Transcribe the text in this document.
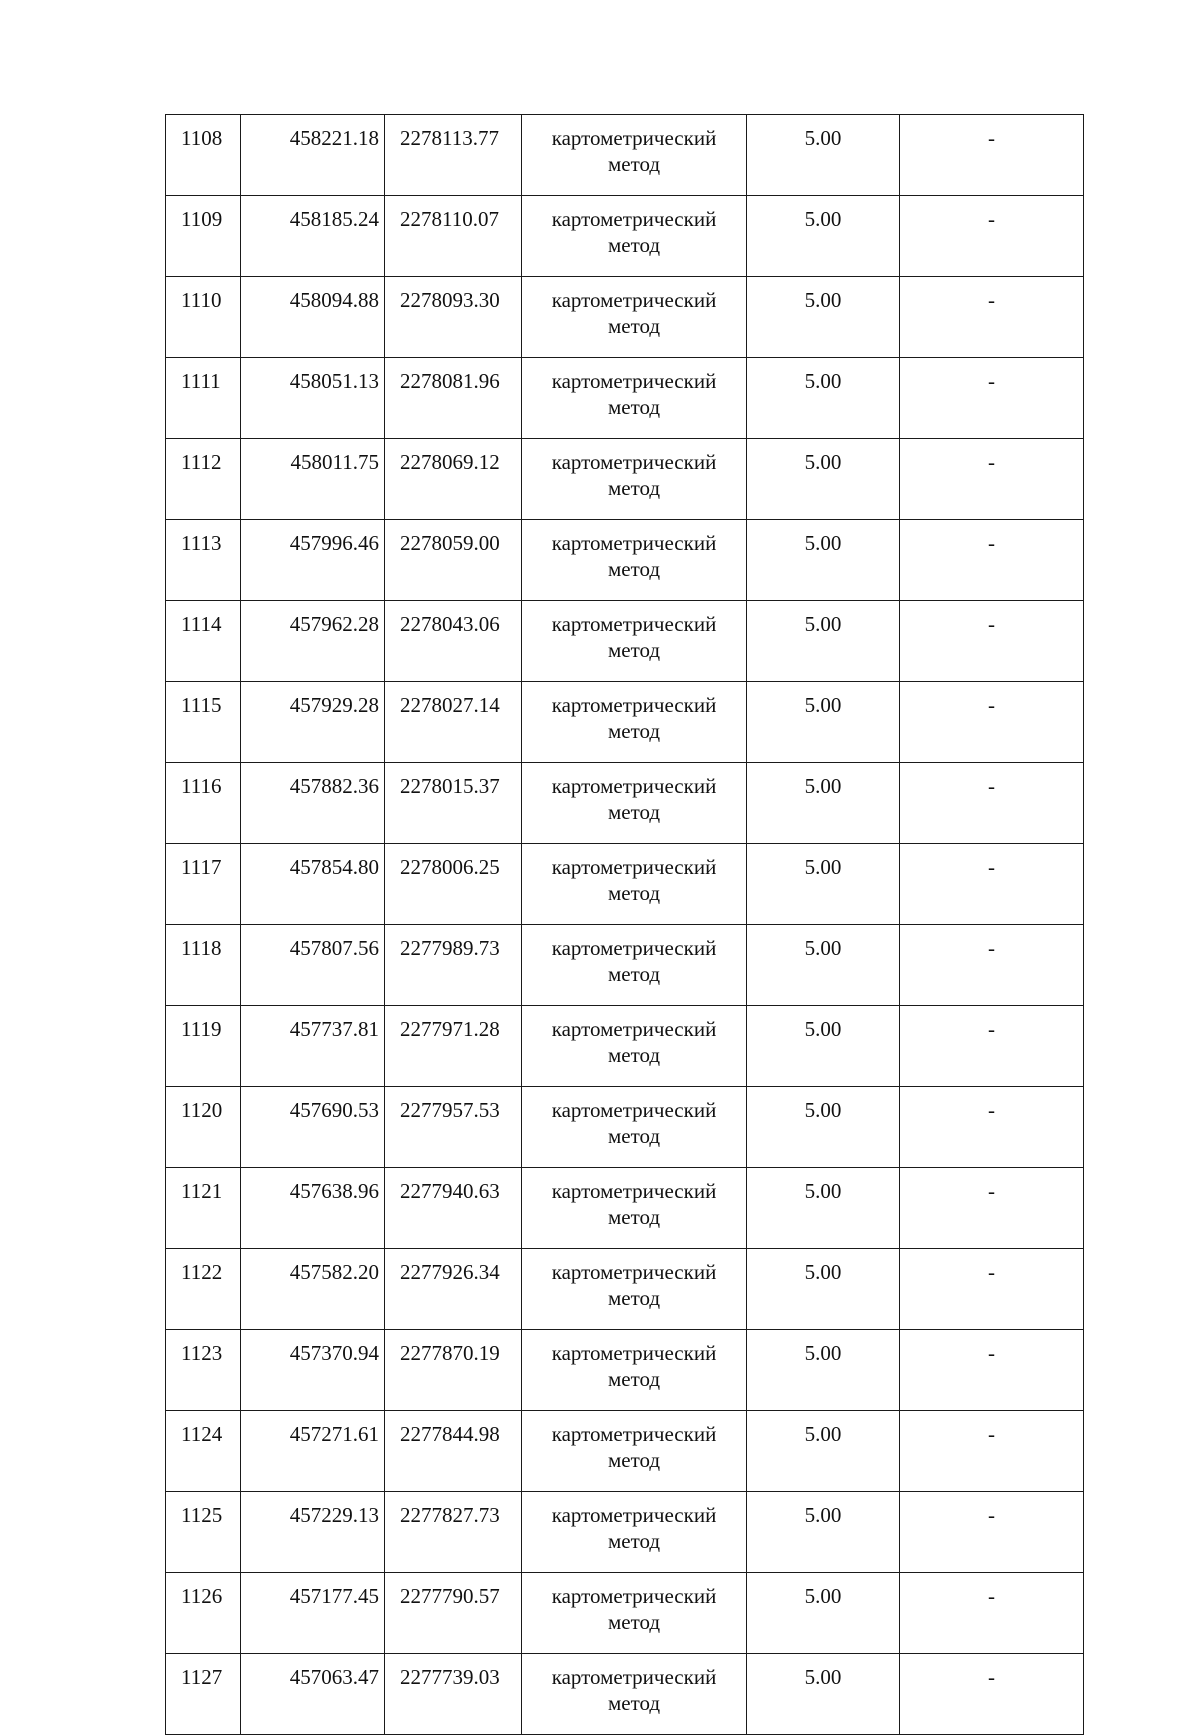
1108	458221.18	2278113.77	картометрический
метод	5.00	-
1109	458185.24	2278110.07	картометрический
метод	5.00	-
1110	458094.88	2278093.30	картометрический
метод	5.00	-
1111	458051.13	2278081.96	картометрический
метод	5.00	-
1112	458011.75	2278069.12	картометрический
метод	5.00	-
1113	457996.46	2278059.00	картометрический
метод	5.00	-
1114	457962.28	2278043.06	картометрический
метод	5.00	-
1115	457929.28	2278027.14	картометрический
метод	5.00	-
1116	457882.36	2278015.37	картометрический
метод	5.00	-
1117	457854.80	2278006.25	картометрический
метод	5.00	-
1118	457807.56	2277989.73	картометрический
метод	5.00	-
1119	457737.81	2277971.28	картометрический
метод	5.00	-
1120	457690.53	2277957.53	картометрический
метод	5.00	-
1121	457638.96	2277940.63	картометрический
метод	5.00	-
1122	457582.20	2277926.34	картометрический
метод	5.00	-
1123	457370.94	2277870.19	картометрический
метод	5.00	-
1124	457271.61	2277844.98	картометрический
метод	5.00	-
1125	457229.13	2277827.73	картометрический
метод	5.00	-
1126	457177.45	2277790.57	картометрический
метод	5.00	-
1127	457063.47	2277739.03	картометрический
метод	5.00	-
